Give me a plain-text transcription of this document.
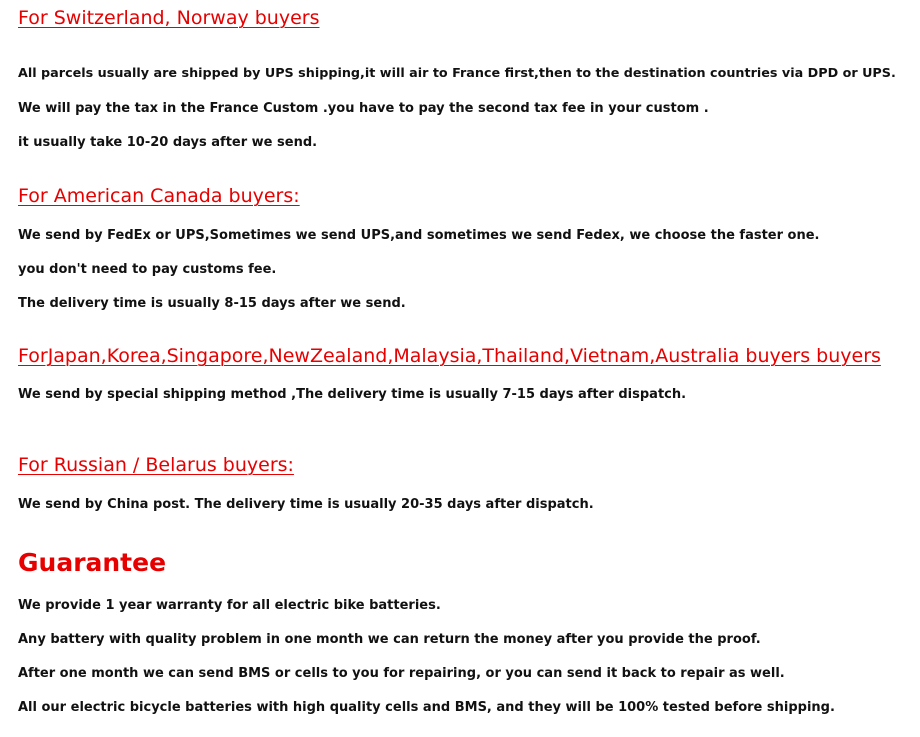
For Switzerland, Norway buyers

All parcels usually are shipped by UPS shipping,it will air to France first,then to the destination countries via DPD or UPS.

We will pay the tax in the France Custom .you have to pay the second tax fee in your custom .

it usually take 10-20 days after we send.

For American Canada buyers:

We send by FedEx or UPS,Sometimes we send UPS,and sometimes we send Fedex, we choose the faster one.

you don't need to pay customs fee.

The delivery time is usually 8-15 days after we send.

ForJapan,Korea,Singapore,NewZealand,Malaysia,Thailand,Vietnam,Australia buyers buyers

We send by special shipping method ,The delivery time is usually 7-15 days after dispatch.

For Russian / Belarus buyers:

We send by China post. The delivery time is usually 20-35 days after dispatch.

Guarantee

We provide 1 year warranty for all electric bike batteries.

Any battery with quality problem in one month we can return the money after you provide the proof.

After one month we can send BMS or cells to you for repairing, or you can send it back to repair as well.

All our electric bicycle batteries with high quality cells and BMS, and they will be 100% tested before shipping.
